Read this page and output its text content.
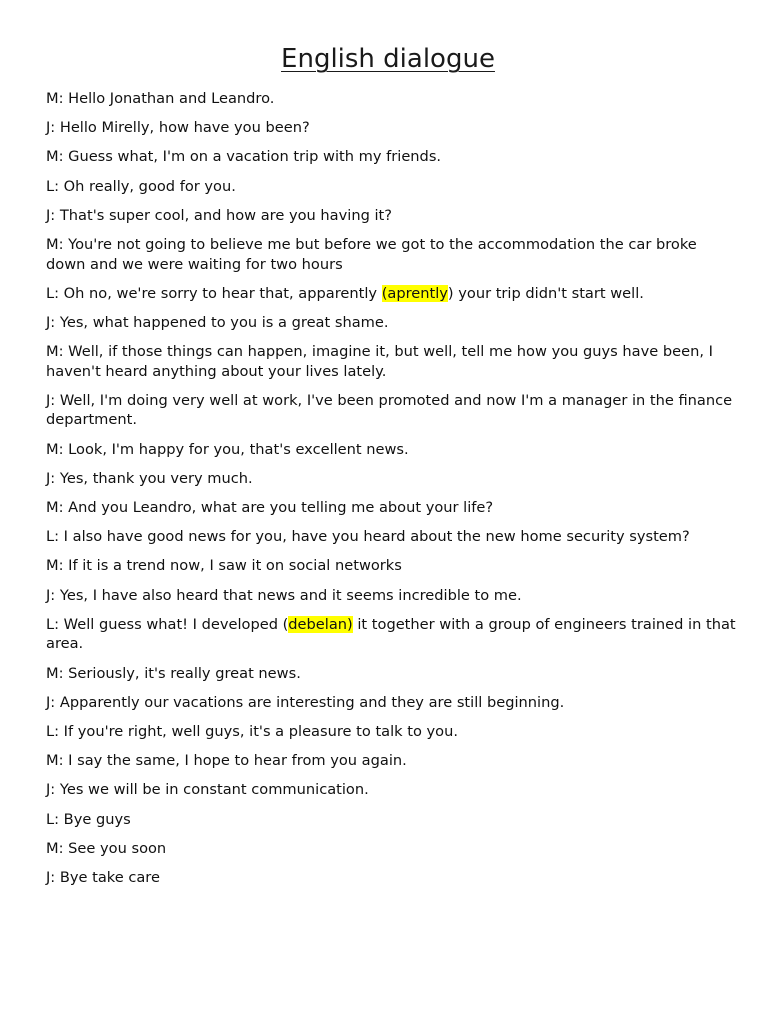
English dialogue

M: Hello Jonathan and Leandro.

J: Hello Mirelly, how have you been?

M: Guess what, I'm on a vacation trip with my friends.

L: Oh really, good for you.

J: That's super cool, and how are you having it?

M: You're not going to believe me but before we got to the accommodation the car broke down and we were waiting for two hours

L: Oh no, we're sorry to hear that, apparently (aprently) your trip didn't start well.

J: Yes, what happened to you is a great shame.

M: Well, if those things can happen, imagine it, but well, tell me how you guys have been, I haven't heard anything about your lives lately.

J: Well, I'm doing very well at work, I've been promoted and now I'm a manager in the finance department.

M: Look, I'm happy for you, that's excellent news.

J: Yes, thank you very much.

M: And you Leandro, what are you telling me about your life?

L: I also have good news for you, have you heard about the new home security system?

M: If it is a trend now, I saw it on social networks

J: Yes, I have also heard that news and it seems incredible to me.

L: Well guess what! I developed (debelan) it together with a group of engineers trained in that area.

M: Seriously, it's really great news.

J: Apparently our vacations are interesting and they are still beginning.

L: If you're right, well guys, it's a pleasure to talk to you.

M: I say the same, I hope to hear from you again.

J: Yes we will be in constant communication.

L: Bye guys

M: See you soon

J: Bye take care
